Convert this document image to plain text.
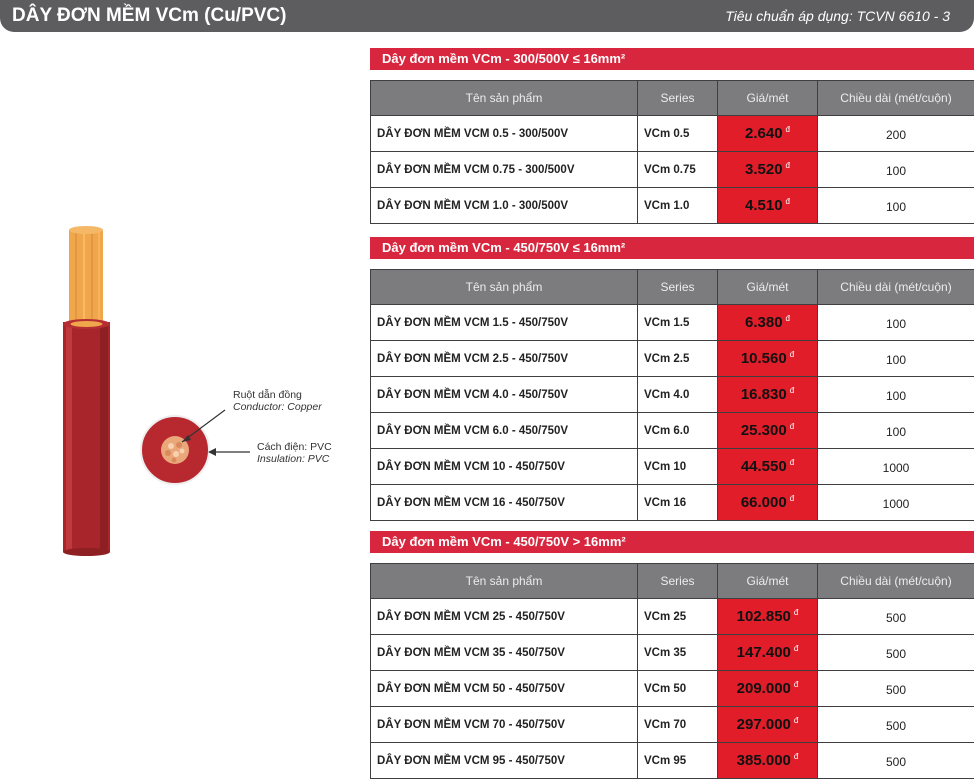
DÂY ĐƠN MỀM VCm (Cu/PVC)	Tiêu chuẩn áp dụng: TCVN 6610 - 3
Ruột dẫn đồng
Conductor: Copper
Cách điện: PVC
Insulation: PVC
Dây đơn mềm VCm - 300/500V ≤ 16mm²
Tên sản phẩm	Series	Giá/mét	Chiều dài (mét/cuộn)
DÂY ĐƠN MỀM VCM 0.5 - 300/500V	VCm 0.5	2.640 $^đ$	200
DÂY ĐƠN MỀM VCM 0.75 - 300/500V	VCm 0.75	3.520 $^đ$	100
DÂY ĐƠN MỀM VCM 1.0 - 300/500V	VCm 1.0	4.510 $^đ$	100
Dây đơn mềm VCm - 450/750V ≤ 16mm²
Tên sản phẩm	Series	Giá/mét	Chiều dài (mét/cuộn)
DÂY ĐƠN MỀM VCM 1.5 - 450/750V	VCm 1.5	6.380 $^đ$	100
DÂY ĐƠN MỀM VCM 2.5 - 450/750V	VCm 2.5	10.560 $^đ$	100
DÂY ĐƠN MỀM VCM 4.0 - 450/750V	VCm 4.0	16.830 $^đ$	100
DÂY ĐƠN MỀM VCM 6.0 - 450/750V	VCm 6.0	25.300 $^đ$	100
DÂY ĐƠN MỀM VCM 10 - 450/750V	VCm 10	44.550 $^đ$	1000
DÂY ĐƠN MỀM VCM 16 - 450/750V	VCm 16	66.000 $^đ$	1000
Dây đơn mềm VCm - 450/750V > 16mm²
Tên sản phẩm	Series	Giá/mét	Chiều dài (mét/cuộn)
DÂY ĐƠN MỀM VCM 25 - 450/750V	VCm 25	102.850 $^đ$	500
DÂY ĐƠN MỀM VCM 35 - 450/750V	VCm 35	147.400 $^đ$	500
DÂY ĐƠN MỀM VCM 50 - 450/750V	VCm 50	209.000 $^đ$	500
DÂY ĐƠN MỀM VCM 70 - 450/750V	VCm 70	297.000 $^đ$	500
DÂY ĐƠN MỀM VCM 95 - 450/750V	VCm 95	385.000 $^đ$	500
